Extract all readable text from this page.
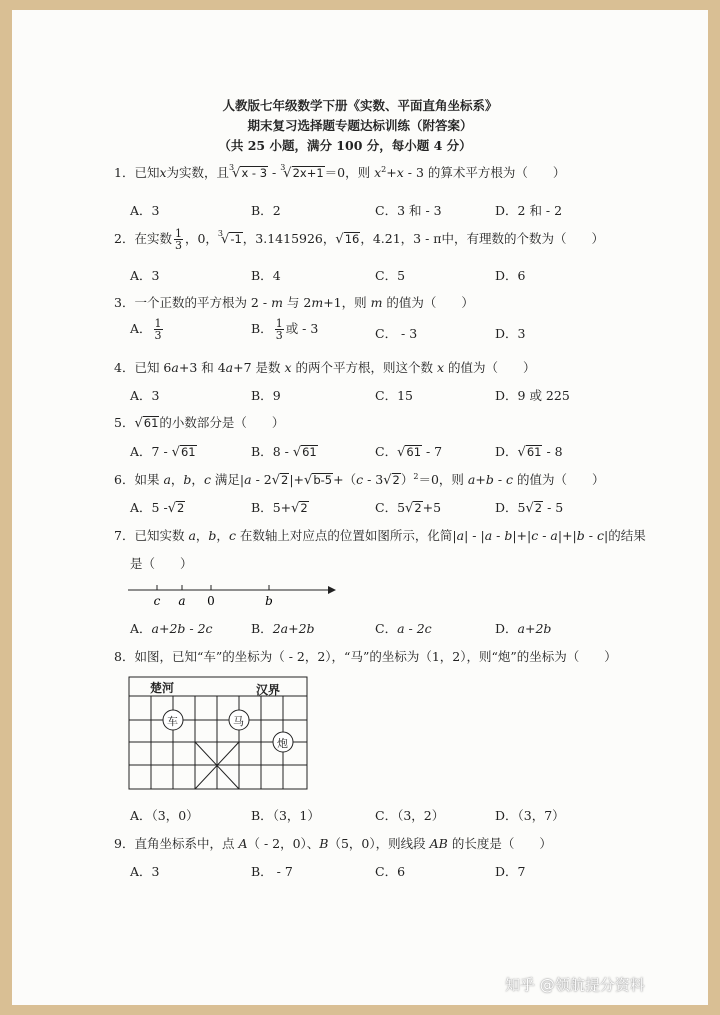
人教版七年级数学下册《实数、平面直角坐标系》
期末复习选择题专题达标训练（附答案）
（共 25 小题，满分 100 分，每小题 4 分）
1．已知x为实数，且$^3$√x - 3 - $^3$√2x+1＝0，则 $x^2+x - 3$ 的算术平方根为（　　）
A．3	B．2	C．3 和 - 3	D．2 和 - 2
2．在实数 $\frac{1}{3}$ ，0，$^3$√-1，3.1415926，√16，4.21，3 - π中，有理数的个数为（　　）
A．3	B．4	C．5	D．6
3．一个正数的平方根为 2 - m 与 2m+1，则 m 的值为（　　）
A． $\frac{1}{3}$	B． $\frac{1}{3}$ 或 - 3	C． - 3	D．3
4．已知 6a+3 和 4a+7 是数 x 的两个平方根，则这个数 x 的值为（　　）
A．3	B．9	C．15	D．9 或 225
5．√61的小数部分是（　　）
A．7 - √61	B．8 - √61	C．√61 - 7	D．√61 - 8
6．如果 a，b，c 满足|a - 2√2|+√b-5+（c - 3√2）$^2$＝0，则 a+b - c 的值为（　　）
A．5 -√2	B．5+√2	C．5√2+5	D．5√2 - 5
7．已知实数 a，b，c 在数轴上对应点的位置如图所示，化简|a| - |a - b|+|c - a|+|b - c|的结果
是（　　）
c a 0	b
A．a+2b - 2c	B．2a+2b	C．a - 2c	D．a+2b
8．如图，已知“车”的坐标为（ - 2，2），“马”的坐标为（1，2），则“炮”的坐标为（　　）
楚河	汉界
车	马
炮
A．（3，0）	B．（3，1）	C．（3，2）	D．（3，7）
9．直角坐标系中，点 A（ - 2，0）、B（5，0），则线段 AB 的长度是（　　）
A．3	B． - 7	C．6	D．7
知乎 @领航提分资料
